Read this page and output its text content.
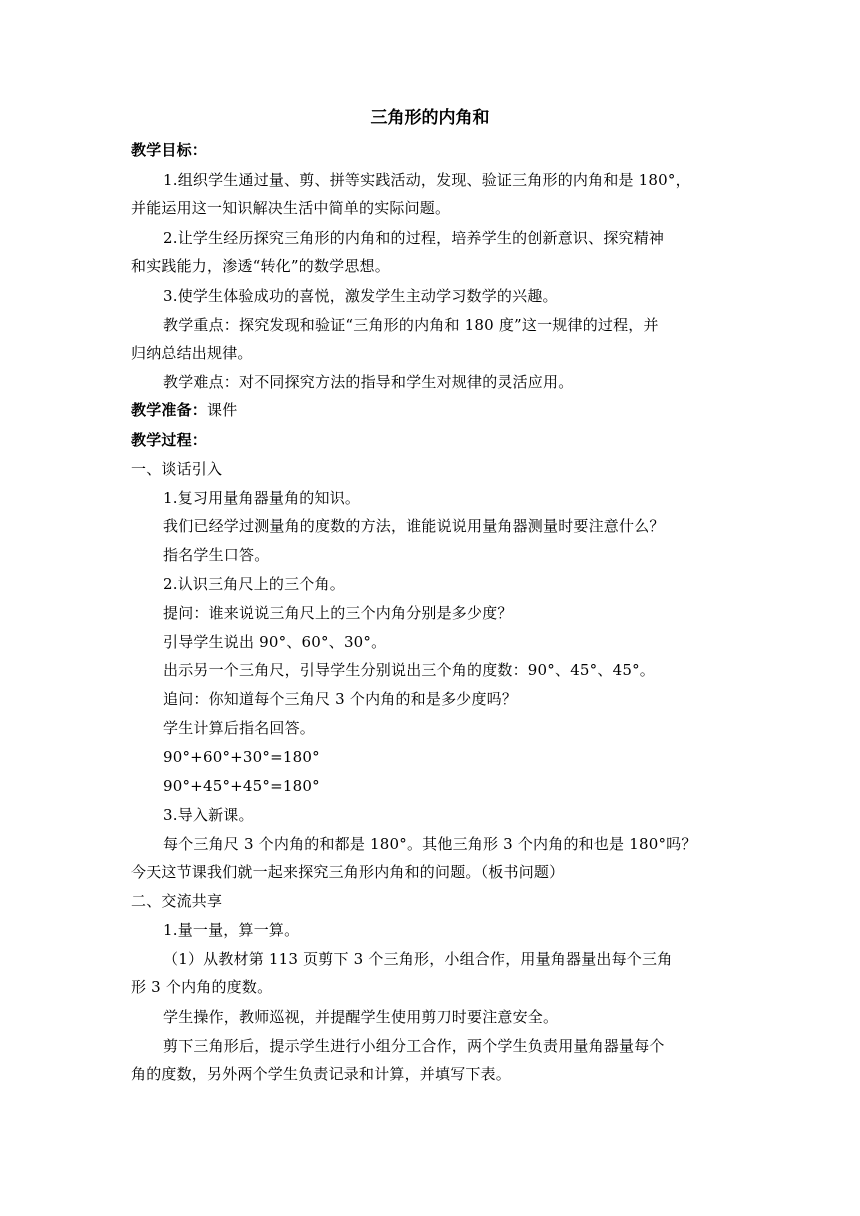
三角形的内角和
教学目标：
1.组织学生通过量、剪、拼等实践活动，发现、验证三角形的内角和是 180°，
并能运用这一知识解决生活中简单的实际问题。
2.让学生经历探究三角形的内角和的过程，培养学生的创新意识、探究精神
和实践能力，渗透“转化”的数学思想。
3.使学生体验成功的喜悦，激发学生主动学习数学的兴趣。
教学重点：探究发现和验证“三角形的内角和 180 度”这一规律的过程，并
归纳总结出规律。
教学难点：对不同探究方法的指导和学生对规律的灵活应用。
教学准备：课件
教学过程：
一、谈话引入
1.复习用量角器量角的知识。
我们已经学过测量角的度数的方法，谁能说说用量角器测量时要注意什么？
指名学生口答。
2.认识三角尺上的三个角。
提问：谁来说说三角尺上的三个内角分别是多少度？
引导学生说出 90°、60°、30°。
出示另一个三角尺，引导学生分别说出三个角的度数：90°、45°、45°。
追问：你知道每个三角尺 3 个内角的和是多少度吗？
学生计算后指名回答。
90°+60°+30°=180°
90°+45°+45°=180°
3.导入新课。
每个三角尺 3 个内角的和都是 180°。其他三角形 3 个内角的和也是 180°吗？
今天这节课我们就一起来探究三角形内角和的问题。（板书问题）
二、交流共享
1.量一量，算一算。
（1）从教材第 113 页剪下 3 个三角形，小组合作，用量角器量出每个三角
形 3 个内角的度数。
学生操作，教师巡视，并提醒学生使用剪刀时要注意安全。
剪下三角形后，提示学生进行小组分工合作，两个学生负责用量角器量每个
角的度数，另外两个学生负责记录和计算，并填写下表。
